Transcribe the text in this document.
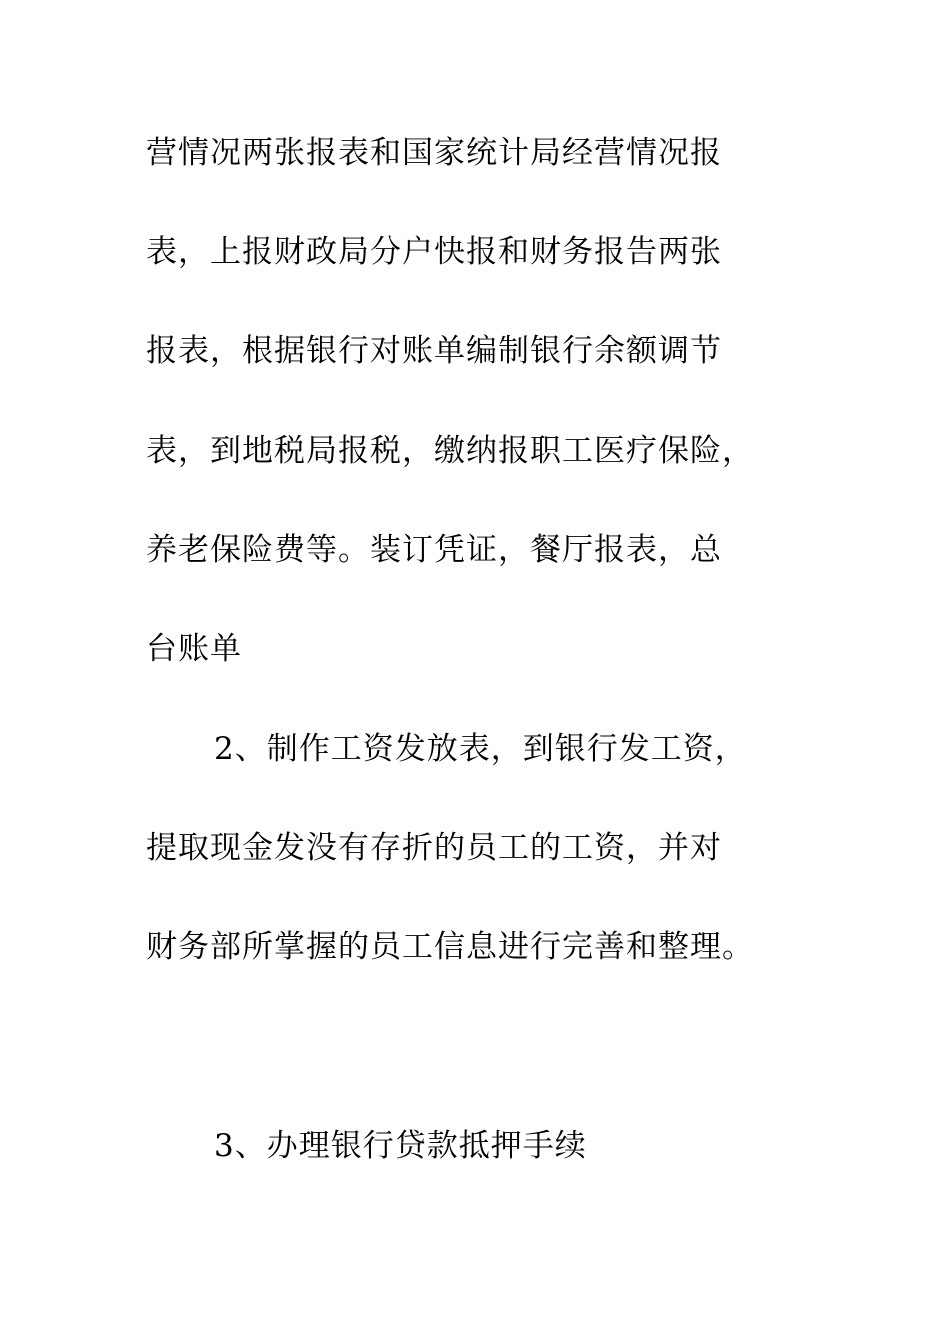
营情况两张报表和国家统计局经营情况报
表，上报财政局分户快报和财务报告两张
报表，根据银行对账单编制银行余额调节
表，到地税局报税，缴纳报职工医疗保险，
养老保险费等。装订凭证，餐厅报表，总
台账单
2、制作工资发放表，到银行发工资，
提取现金发没有存折的员工的工资，并对
财务部所掌握的员工信息进行完善和整理。
3、办理银行贷款抵押手续
